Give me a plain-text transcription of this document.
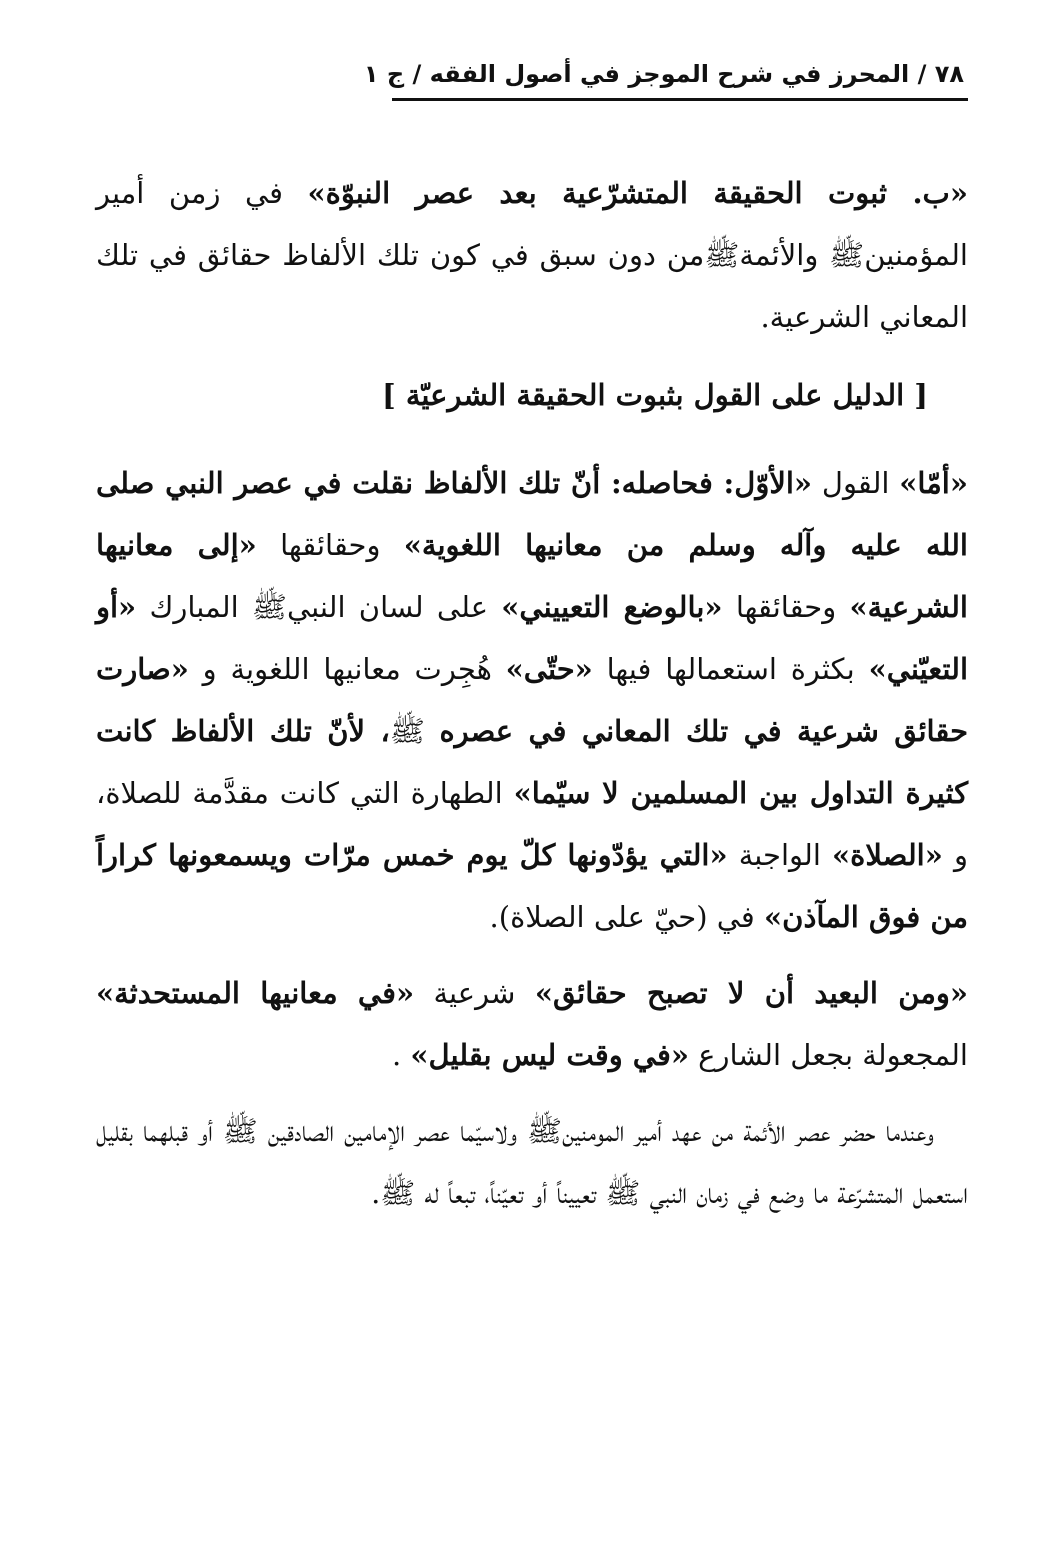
٧٨ / المحرز في شرح الموجز في أصول الفقه / ج ١

«ب. ثبوت الحقيقة المتشرّعية بعد عصر النبوّة» في زمن أمير المؤمنينﷺ والأئمةﷺمن دون سبق في كون تلك الألفاظ حقائق في تلك المعاني الشرعية.

[ الدليل على القول بثبوت الحقيقة الشرعيّة ]

«أمّا» القول «الأوّل: فحاصله: أنّ تلك الألفاظ نقلت في عصر النبي صلى الله عليه وآله وسلم من معانيها اللغوية» وحقائقها «إلى معانيها الشرعية» وحقائقها «بالوضع التعييني» على لسان النبيﷺ المبارك «أو التعيّني» بكثرة استعمالها فيها «حتّى» هُجِرت معانيها اللغوية و «صارت حقائق شرعية في تلك المعاني في عصره ﷺ، لأنّ تلك الألفاظ كانت كثيرة التداول بين المسلمين لا سيّما» الطهارة التي كانت مقدَّمة للصلاة، و «الصلاة» الواجبة «التي يؤدّونها كلّ يوم خمس مرّات ويسمعونها كراراً من فوق المآذن» في (حيّ على الصلاة).

«ومن البعيد أن لا تصبح حقائق» شرعية «في معانيها المستحدثة» المجعولة بجعل الشارع «في وقت ليس بقليل» .

وعندما حضر عصر الأئمة من عهد أمير المومنينﷺ ولاسيّما عصر الإمامين الصادقين ﷺ أو قبلهما بقليل استعمل المتشرّعة ما وضع في زمان النبي ﷺ تعييناً أو تعيّناً، تبعاً له ﷺ.
